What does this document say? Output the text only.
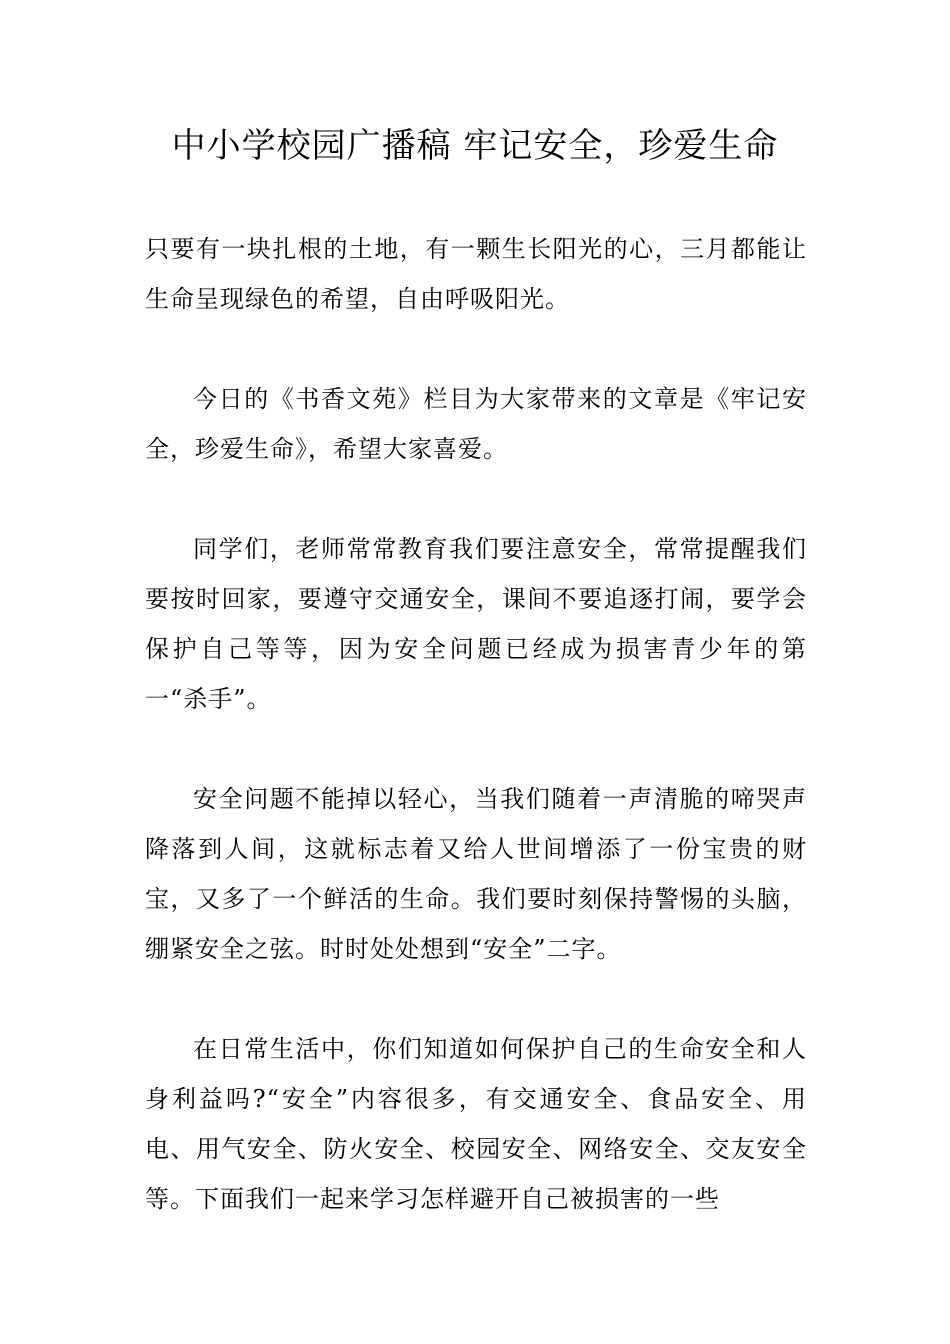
中小学校园广播稿 牢记安全，珍爱生命

只要有一块扎根的土地，有一颗生长阳光的心，三月都能让生命呈现绿色的希望，自由呼吸阳光。

今日的《书香文苑》栏目为大家带来的文章是《牢记安全，珍爱生命》，希望大家喜爱。

同学们，老师常常教育我们要注意安全，常常提醒我们要按时回家，要遵守交通安全，课间不要追逐打闹，要学会保护自己等等，因为安全问题已经成为损害青少年的第一“杀手”。

安全问题不能掉以轻心，当我们随着一声清脆的啼哭声降落到人间，这就标志着又给人世间增添了一份宝贵的财宝，又多了一个鲜活的生命。我们要时刻保持警惕的头脑，绷紧安全之弦。时时处处想到“安全”二字。

在日常生活中，你们知道如何保护自己的生命安全和人身利益吗?“安全”内容很多，有交通安全、食品安全、用电、用气安全、防火安全、校园安全、网络安全、交友安全等。下面我们一起来学习怎样避开自己被损害的一些
